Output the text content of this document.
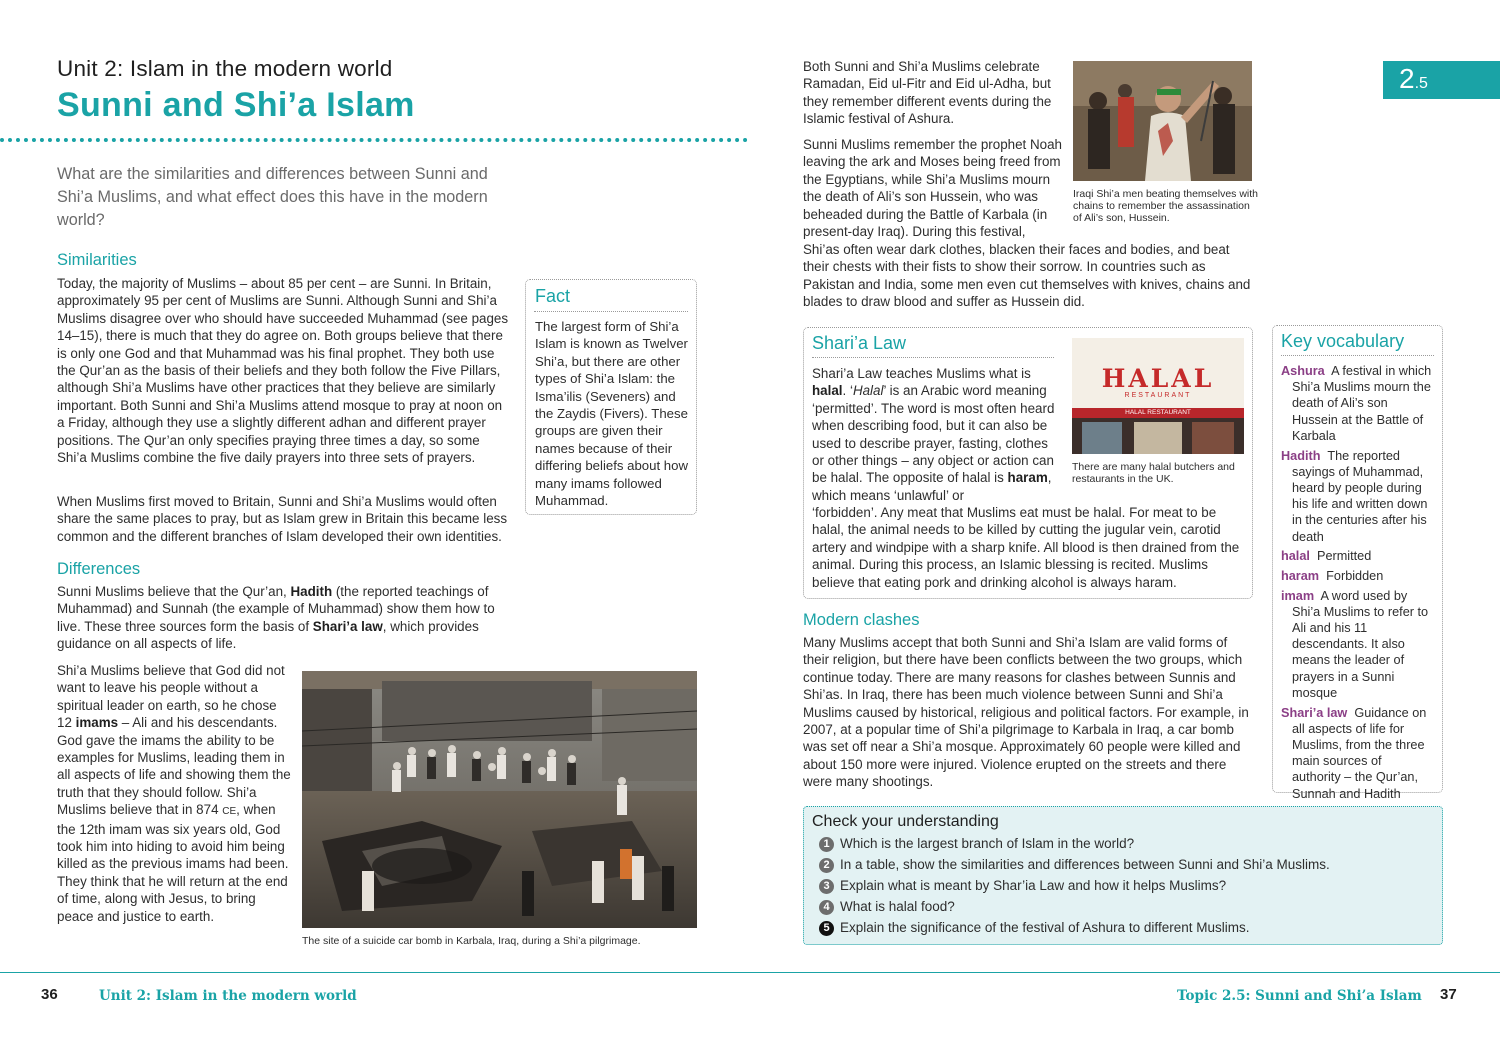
Unit 2: Islam in the modern world
Sunni and Shi’a Islam

What are the similarities and differences between Sunni and Shi’a Muslims, and what effect does this have in the modern world?

Similarities

Today, the majority of Muslims – about 85 per cent – are Sunni. In Britain, approximately 95 per cent of Muslims are Sunni. Although Sunni and Shi’a Muslims disagree over who should have succeeded Muhammad (see pages 14–15), there is much that they do agree on. Both groups believe that there is only one God and that Muhammad was his final prophet. They both use the Qur’an as the basis of their beliefs and they both follow the Five Pillars, although Shi’a Muslims have other practices that they believe are similarly important. Both Sunni and Shi’a Muslims attend mosque to pray at noon on a Friday, although they use a slightly different adhan and different prayer positions. The Qur’an only specifies praying three times a day, so some Shi’a Muslims combine the five daily prayers into three sets of prayers.

When Muslims first moved to Britain, Sunni and Shi’a Muslims would often share the same places to pray, but as Islam grew in Britain this became less common and the different branches of Islam developed their own identities.

Fact

The largest form of Shi’a Islam is known as Twelver Shi’a, but there are other types of Shi’a Islam: the Isma’ilis (Seveners) and the Zaydis (Fivers). These groups are given their names because of their differing beliefs about how many imams followed Muhammad.

Differences

Sunni Muslims believe that the Qur’an, Hadith (the reported teachings of Muhammad) and Sunnah (the example of Muhammad) show them how to live. These three sources form the basis of Shari’a law, which provides guidance on all aspects of life.

Shi’a Muslims believe that God did not want to leave his people without a spiritual leader on earth, so he chose 12 imams – Ali and his descendants. God gave the imams the ability to be examples for Muslims, leading them in all aspects of life and showing them the truth that they should follow. Shi’a Muslims believe that in 874 CE, when the 12th imam was six years old, God took him into hiding to avoid him being killed as the previous imams had been. They think that he will return at the end of time, along with Jesus, to bring peace and justice to earth.

The site of a suicide car bomb in Karbala, Iraq, during a Shi’a pilgrimage.

Both Sunni and Shi’a Muslims celebrate Ramadan, Eid ul-Fitr and Eid ul-Adha, but they remember different events during the Islamic festival of Ashura.

Sunni Muslims remember the prophet Noah leaving the ark and Moses being freed from the Egyptians, while Shi’a Muslims mourn the death of Ali’s son Hussein, who was beheaded during the Battle of Karbala (in present-day Iraq). During this festival,

Shi’as often wear dark clothes, blacken their faces and bodies, and beat their chests with their fists to show their sorrow. In countries such as Pakistan and India, some men even cut themselves with knives, chains and blades to draw blood and suffer as Hussein did.

Iraqi Shi’a men beating themselves with chains to remember the assassination of Ali’s son, Hussein.
2.5
Shari’a Law

Shari’a Law teaches Muslims what is halal. ‘Halal’ is an Arabic word meaning ‘permitted’. The word is most often heard when describing food, but it can also be used to describe prayer, fasting, clothes or other things – any object or action can be halal. The opposite of halal is haram, which means ‘unlawful’ or

‘forbidden’. Any meat that Muslims eat must be halal. For meat to be halal, the animal needs to be killed by cutting the jugular vein, carotid artery and windpipe with a sharp knife. All blood is then drained from the animal. During this process, an Islamic blessing is recited. Muslims believe that eating pork and drinking alcohol is always haram.

HALAL
RESTAURANT
HALAL RESTAURANT
There are many halal butchers and restaurants in the UK.
Modern clashes

Many Muslims accept that both Sunni and Shi’a Islam are valid forms of their religion, but there have been conflicts between the two groups, which continue today. There are many reasons for clashes between Sunnis and Shi’as. In Iraq, there has been much violence between Sunni and Shi’a Muslims caused by historical, religious and political factors. For example, in 2007, at a popular time of Shi’a pilgrimage to Karbala in Iraq, a car bomb was set off near a Shi’a mosque. Approximately 60 people were killed and about 150 more were injured. Violence erupted on the streets and there were many shootings.

Key vocabulary
Ashura A festival in which Shi’a Muslims mourn the death of Ali’s son Hussein at the Battle of Karbala
Hadith The reported sayings of Muhammad, heard by people during his life and written down in the centuries after his death
halal Permitted
haram Forbidden
imam A word used by Shi’a Muslims to refer to Ali and his 11 descendants. It also means the leader of prayers in a Sunni mosque
Shari’a law Guidance on all aspects of life for Muslims, from the three main sources of authority – the Qur’an, Sunnah and Hadith
Check your understanding
1 Which is the largest branch of Islam in the world?
2 In a table, show the similarities and differences between Sunni and Shi’a Muslims.
3 Explain what is meant by Shar’ia Law and how it helps Muslims?
4 What is halal food?
5 Explain the significance of the festival of Ashura to different Muslims.
36	Unit 2: Islam in the modern world	Topic 2.5: Sunni and Shi’a Islam 37
